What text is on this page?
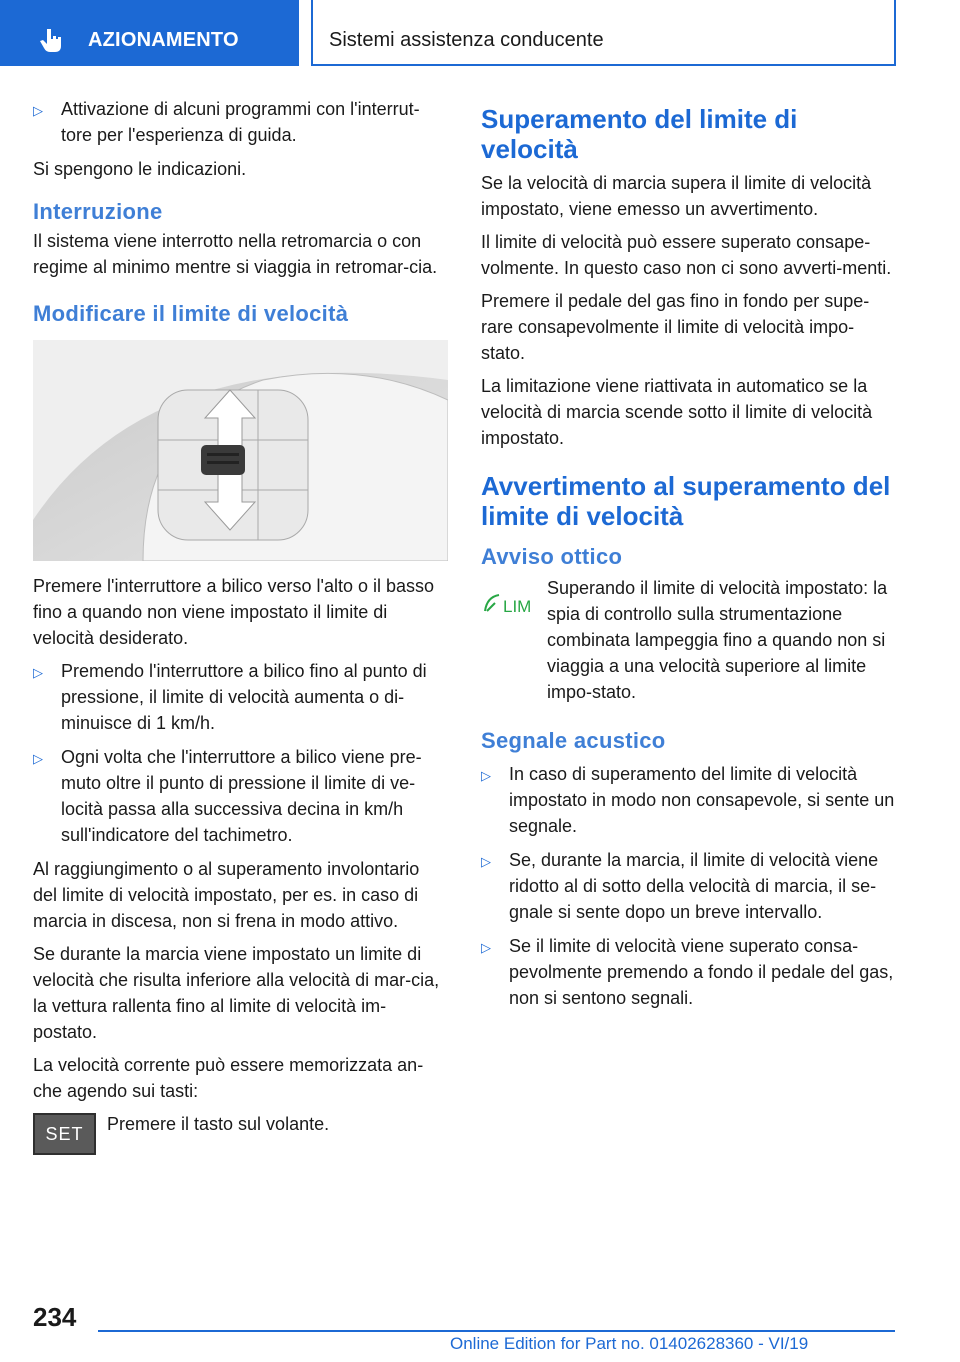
AZIONAMENTO	Sistemi assistenza conducente
▷ Attivazione di alcuni programmi con l'interrut-tore per l'esperienza di guida.

Si spengono le indicazioni.

Interruzione

Il sistema viene interrotto nella retromarcia o con regime al minimo mentre si viaggia in retromar-cia.

Modificare il limite di velocità

Premere l'interruttore a bilico verso l'alto o il basso fino a quando non viene impostato il limite di velocità desiderato.

▷ Premendo l'interruttore a bilico fino al punto di pressione, il limite di velocità aumenta o di-minuisce di 1 km/h.
▷ Ogni volta che l'interruttore a bilico viene pre-muto oltre il punto di pressione il limite di ve-locità passa alla successiva decina in km/h sull'indicatore del tachimetro.

Al raggiungimento o al superamento involontario del limite di velocità impostato, per es. in caso di marcia in discesa, non si frena in modo attivo.

Se durante la marcia viene impostato un limite di velocità che risulta inferiore alla velocità di mar-cia, la vettura rallenta fino al limite di velocità im-postato.

La velocità corrente può essere memorizzata an-che agendo sui tasti:

SET	Premere il tasto sul volante.

Superamento del limite di velocità

Se la velocità di marcia supera il limite di velocità impostato, viene emesso un avvertimento.

Il limite di velocità può essere superato consape-volmente. In questo caso non ci sono avverti-menti.

Premere il pedale del gas fino in fondo per supe-rare consapevolmente il limite di velocità impo-stato.

La limitazione viene riattivata in automatico se la velocità di marcia scende sotto il limite di velocità impostato.

Avvertimento al superamento del limite di velocità
Avviso ottico
LIM

Superando il limite di velocità impostato: la spia di controllo sulla strumentazione combinata lampeggia fino a quando non si viaggia a una velocità superiore al limite impo-stato.

Segnale acustico
▷ In caso di superamento del limite di velocità impostato in modo non consapevole, si sente un segnale.
▷ Se, durante la marcia, il limite di velocità viene ridotto al di sotto della velocità di marcia, il se-gnale si sente dopo un breve intervallo.
▷ Se il limite di velocità viene superato consa-pevolmente premendo a fondo il pedale del gas, non si sentono segnali.
234
Online Edition for Part no. 01402628360 - VI/19
